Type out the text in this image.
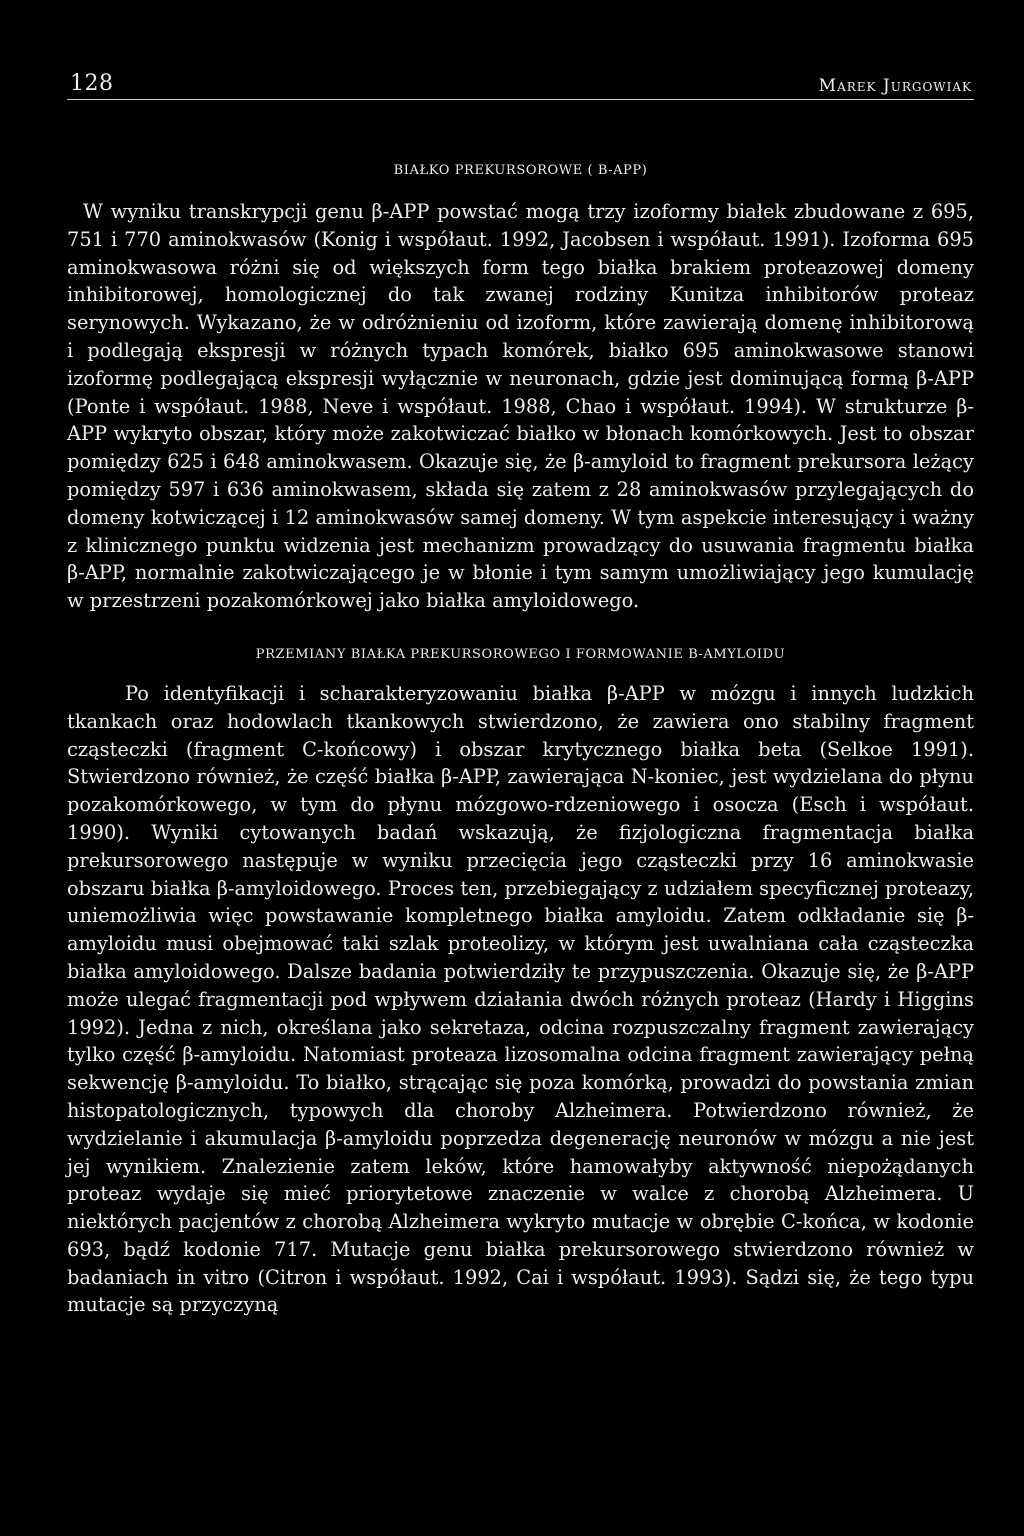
128	Marek Jurgowiak
BIAŁKO PREKURSOROWE ( Β-APP)

W wyniku transkrypcji genu β-APP powstać mogą trzy izoformy białek zbudowane z 695, 751 i 770 aminokwasów (Konig i współaut. 1992, Jacobsen i współaut. 1991). Izoforma 695 aminokwasowa różni się od większych form tego białka brakiem proteazowej domeny inhibitorowej, homologicznej do tak zwanej rodziny Kunitza inhibitorów proteaz serynowych. Wykazano, że w odróżnieniu od izoform, które zawierają domenę inhibitorową i podlegają ekspresji w różnych typach komórek, białko 695 aminokwasowe stanowi izoformę podlegającą ekspresji wyłącznie w neuronach, gdzie jest dominującą formą β-APP (Ponte i współaut. 1988, Neve i współaut. 1988, Chao i współaut. 1994). W strukturze β-APP wykryto obszar, który może zakotwiczać białko w błonach komórkowych. Jest to obszar pomiędzy 625 i 648 aminokwasem. Okazuje się, że β-amyloid to fragment prekursora leżący pomiędzy 597 i 636 aminokwasem, składa się zatem z 28 aminokwasów przylegających do domeny kotwiczącej i 12 aminokwasów samej domeny. W tym aspekcie interesujący i ważny z klinicznego punktu widzenia jest mechanizm prowadzący do usuwania fragmentu białka β-APP, normalnie zakotwiczającego je w błonie i tym samym umożliwiający jego kumulację w przestrzeni pozakomórkowej jako białka amyloidowego.

PRZEMIANY BIAŁKA PREKURSOROWEGO I FORMOWANIE Β-AMYLOIDU

Po identyfikacji i scharakteryzowaniu białka β-APP w mózgu i innych ludzkich tkankach oraz hodowlach tkankowych stwierdzono, że zawiera ono stabilny fragment cząsteczki (fragment C-końcowy) i obszar krytycznego białka beta (Selkoe 1991). Stwierdzono również, że część białka β-APP, zawierająca N-koniec, jest wydzielana do płynu pozakomórkowego, w tym do płynu mózgowo-rdzeniowego i osocza (Esch i współaut. 1990). Wyniki cytowanych badań wskazują, że fizjologiczna fragmentacja białka prekursorowego następuje w wyniku przecięcia jego cząsteczki przy 16 aminokwasie obszaru białka β-amyloidowego. Proces ten, przebiegający z udziałem specyficznej proteazy, uniemożliwia więc powstawanie kompletnego białka amyloidu. Zatem odkładanie się β-amyloidu musi obejmować taki szlak proteolizy, w którym jest uwalniana cała cząsteczka białka amyloidowego. Dalsze badania potwierdziły te przypuszczenia. Okazuje się, że β-APP może ulegać fragmentacji pod wpływem działania dwóch różnych proteaz (Hardy i Higgins 1992). Jedna z nich, określana jako sekretaza, odcina rozpuszczalny fragment zawierający tylko część β-amyloidu. Natomiast proteaza lizosomalna odcina fragment zawierający pełną sekwencję β-amyloidu. To białko, strącając się poza komórką, prowadzi do powstania zmian histopatologicznych, typowych dla choroby Alzheimera. Potwierdzono również, że wydzielanie i akumulacja β-amyloidu poprzedza degenerację neuronów w mózgu a nie jest jej wynikiem. Znalezienie zatem leków, które hamowałyby aktywność niepożądanych proteaz wydaje się mieć priorytetowe znaczenie w walce z chorobą Alzheimera. U niektórych pacjentów z chorobą Alzheimera wykryto mutacje w obrębie C-końca, w kodonie 693, bądź kodonie 717. Mutacje genu białka prekursorowego stwierdzono również w badaniach in vitro (Citron i współaut. 1992, Cai i współaut. 1993). Sądzi się, że tego typu mutacje są przyczyną
